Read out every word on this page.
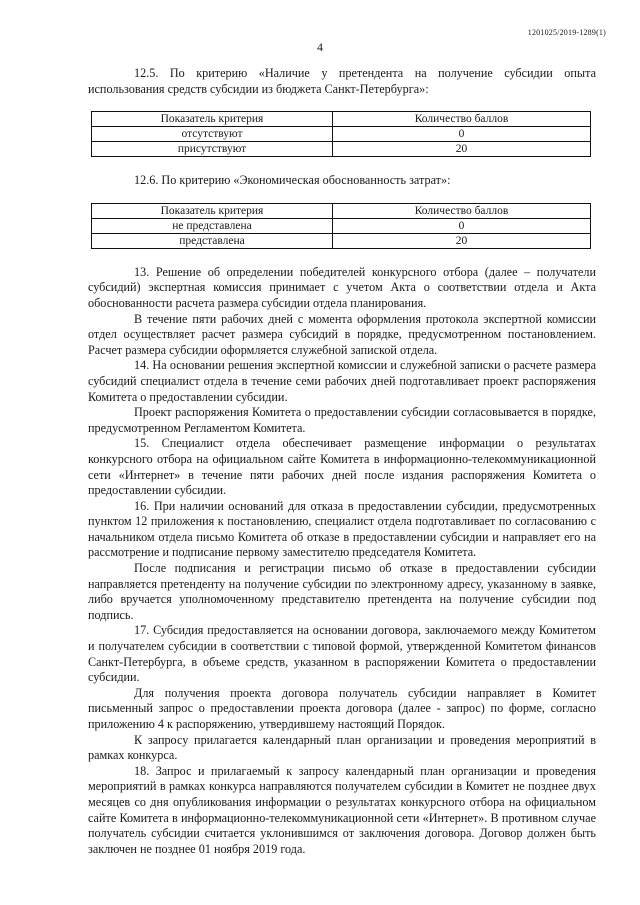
1201025/2019-1289(1)
4

12.5. По критерию «Наличие у претендента на получение субсидии опыта использования средств субсидии из бюджета Санкт-Петербурга»:

Показатель критерия	Количество баллов
отсутствуют	0
присутствуют	20

12.6. По критерию «Экономическая обоснованность затрат»:

Показатель критерия	Количество баллов
не представлена	0
представлена	20

13. Решение об определении победителей конкурсного отбора (далее – получатели субсидий) экспертная комиссия принимает с учетом Акта о соответствии отдела и Акта обоснованности расчета размера субсидии отдела планирования.

В течение пяти рабочих дней с момента оформления протокола экспертной комиссии отдел осуществляет расчет размера субсидий в порядке, предусмотренном постановлением. Расчет размера субсидии оформляется служебной запиской отдела.

14. На основании решения экспертной комиссии и служебной записки о расчете размера субсидий специалист отдела в течение семи рабочих дней подготавливает проект распоряжения Комитета о предоставлении субсидии.

Проект распоряжения Комитета о предоставлении субсидии согласовывается в порядке, предусмотренном Регламентом Комитета.

15. Специалист отдела обеспечивает размещение информации о результатах конкурсного отбора на официальном сайте Комитета в информационно-телекоммуникационной сети «Интернет» в течение пяти рабочих дней после издания распоряжения Комитета о предоставлении субсидии.

16. При наличии оснований для отказа в предоставлении субсидии, предусмотренных пунктом 12 приложения к постановлению, специалист отдела подготавливает по согласованию с начальником отдела письмо Комитета об отказе в предоставлении субсидии и направляет его на рассмотрение и подписание первому заместителю председателя Комитета.

После подписания и регистрации письмо об отказе в предоставлении субсидии направляется претенденту на получение субсидии по электронному адресу, указанному в заявке, либо вручается уполномоченному представителю претендента на получение субсидии под подпись.

17. Субсидия предоставляется на основании договора, заключаемого между Комитетом и получателем субсидии в соответствии с типовой формой, утвержденной Комитетом финансов Санкт-Петербурга, в объеме средств, указанном в распоряжении Комитета о предоставлении субсидии.

Для получения проекта договора получатель субсидии направляет в Комитет письменный запрос о предоставлении проекта договора (далее - запрос) по форме, согласно приложению 4 к распоряжению, утвердившему настоящий Порядок.

К запросу прилагается календарный план организации и проведения мероприятий в рамках конкурса.

18. Запрос и прилагаемый к запросу календарный план организации и проведения мероприятий в рамках конкурса направляются получателем субсидии в Комитет не позднее двух месяцев со дня опубликования информации о результатах конкурсного отбора на официальном сайте Комитета в информационно-телекоммуникационной сети «Интернет». В противном случае получатель субсидии считается уклонившимся от заключения договора. Договор должен быть заключен не позднее 01 ноября 2019 года.
